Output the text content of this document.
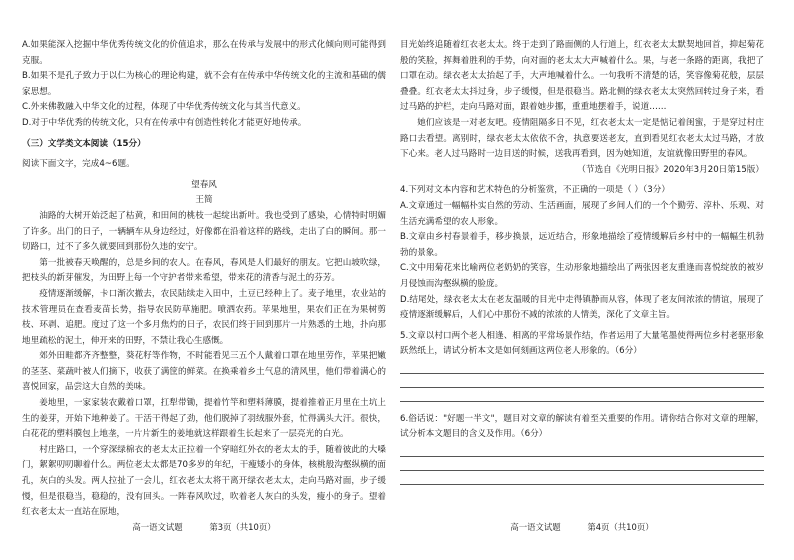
A.如果能深入挖掘中华优秀传统文化的价值追求，那么在传承与发展中的形式化倾向则可能得到克服。

B.如果不是孔子致力于以仁为核心的理论构建，就不会有在传承中华传统文化的主流和基础的儒家思想。

C.外来佛教融入中华文化的过程，体现了中华优秀传统文化与其当代意义。

D.对于中华优秀的传统文化，只有在传承中有创造性转化才能更好地传承。

（三）文学类文本阅读（15分）

阅读下面文字，完成4~6题。

望春风

王简

油路的大树开始泛起了枯黄，和田间的桃枝一起绽出新叶。我也受到了感染，心情特时明媚了许多。出门的日子，一辆辆车从身边经过，好像都在沿着这样的路线，走出了白的瞬间。那一切路口，过不了多久就要回到那份久违的安宁。

第一批被春天唤醒的，总是乡间的农人。在春风，春风是人们最好的朋友。它把山坡吹绿，把枝头的新芽催发，为田野上每一个守护者带来希望，带来花的清香与泥土的芬芳。

疫情逐渐缓解，卡口渐次撤去，农民陆续走入田中，土豆已经种上了。麦子地里，农业站的技术管理员在查看麦苗长势，指导农民防草施肥。喷洒农药。苹果地里，果农们正在为果树剪枝、环剥、追肥。度过了这一个多月焦灼的日子，农民们终于回到那片一片熟悉的土地，扑向那地里疏松的泥土，伸开来的田野，不禁让我心生感慨。

郊外田畦都齐齐整整，葵花籽等作物，不时能看见三五个人戴着口罩在地里劳作，苹果把嫩的茎茎、菜蔬叶被人们摘下，收获了满筐的鲜菜。在换乘着乡土气息的清风里，他们带着满心的喜悦回家，品尝这大自然的美味。

姜地里，一家家装农戴着口罩，扛犁带锄，提着竹竿和塑料薄膜，提着推着正月里在土坑上生的姜芽，开始下地种姜了。干活干得起了劲，他们脱掉了羽绒服外套，忙得满头大汗。很快，白花花的塑料膜包上地垄，一片片新生的姜地就这样跟着生长起来了一层亮光的白光。

村庄路口，一个穿深绿棉衣的老太太正拉着一个穿暗红外衣的老太太的手，随着彼此的大嗓门，絮絮叨叨聊着什么。两位老太太都是70多岁的年纪，干瘦矮小的身体，核桃般沟壑纵横的面孔，灰白的头发。两人拉扯了一会儿，红衣老太太将干离开绿衣老太太，走向马路对面，步子缓慢，但是很稳当，稳稳的，没有回头。一阵春风吹过，吹着老人灰白的头发，瘦小的身子。望着红衣老太太一直站在原地，

高一语文试题	第3页（共10页）

目光始终追随着红衣老太太。终于走到了路面侧的人行道上，红衣老太太默契地回首，抑起菊花般的笑脸，挥舞着胜利的手势，向对面的老太太大声喊着什么。果，与老一条路的距离，我把了口罩在动。绿衣老太太抬起了手，大声地喊着什么。一句我听不清楚的话，笑容像菊花般，层层叠叠。红衣老太太抖过身，步子缓慢，但是很稳当。路北侧的绿衣老太太突然回转过身子来，看过马路的护栏，走向马路对面，跟着她步挪，重重地摆着手，说道……

她们应该是一对老友吧。疫情阻隔多日不见，红衣老太太一定是惦记着闺蜜，于是穿过村庄路口去看望。离别时，绿衣老太太依依不舍，执意要送老友，直到看见红衣老太太过马路，才放下心来。老人过马路时一边目送的时候，送我再看到，因为她知道，友谊就像田野里的春风。

（节选自《光明日报》2020年3月20日第15版）

4.下列对文本内容和艺术特色的分析鉴赏，不正确的一项是（ ）（3分）

A.文章通过一幅幅朴实自然的劳动、生活画面，展现了乡间人们的一个个勤劳、淳朴、乐观、对生活充满希望的农人形象。

B.文章由乡村春景着手，移步换景，远近结合，形象地描绘了疫情缓解后乡村中的一幅幅生机勃勃的景象。

C.文中用菊花来比喻两位老奶奶的笑容，生动形象地描绘出了两张因老友重逢而喜悦绽放的被岁月侵蚀而沟壑纵横的脸庞。

D.结尾处，绿衣老太太在老友温暖的目光中走得镇静而从容，体现了老友间浓浓的情谊，展现了疫情逐渐缓解后，人们心中那份不减的浓浓的人情美，深化了文章主旨。

5.文章以村口两个老人相逢、相离的平常场景作结，作者运用了大量笔墨使得两位乡村老驱形象跃然纸上，请试分析本文是如何刻画这两位老人形象的。（6分）

6.俗话说："好题一半文"，题目对文章的解读有着至关重要的作用。请你结合你对文章的理解，试分析本文题目的含义及作用。（6分）

高一语文试题	第4页（共10页）
